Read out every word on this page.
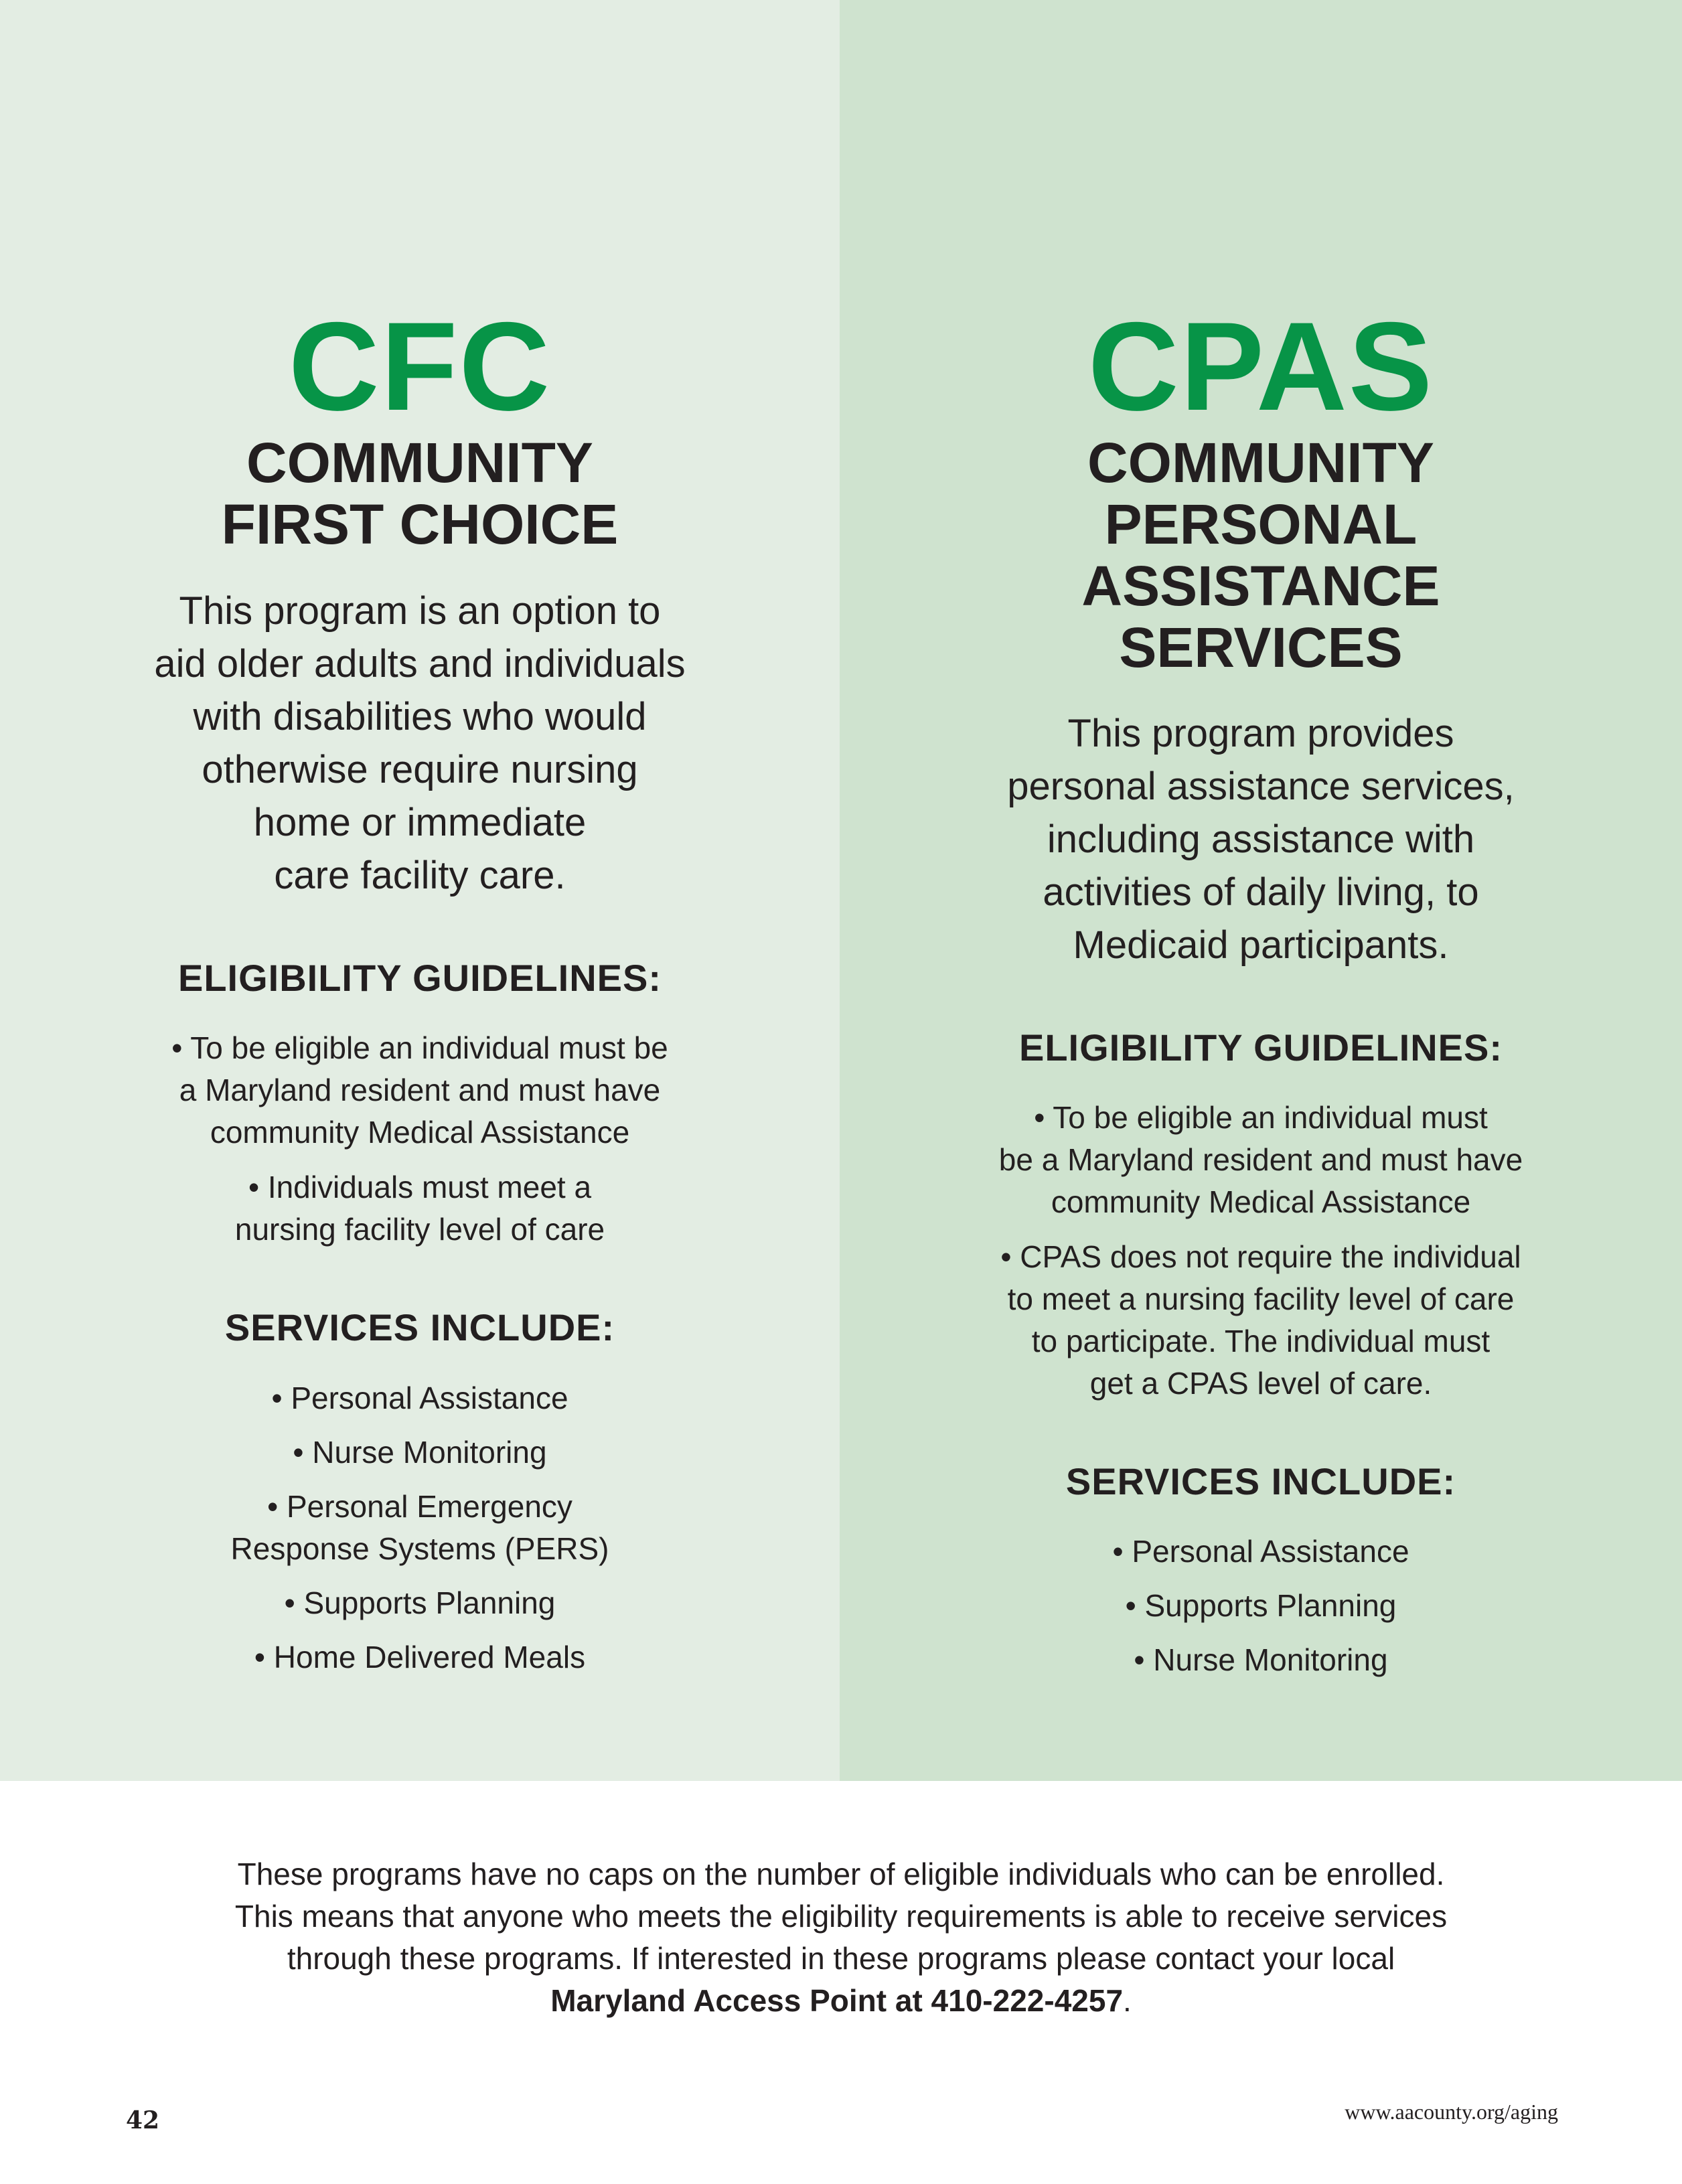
CFC
COMMUNITY
FIRST CHOICE

This program is an option to
aid older adults and individuals
with disabilities who would
otherwise require nursing
home or immediate
care facility care.

ELIGIBILITY GUIDELINES:
• To be eligible an individual must be
a Maryland resident and must have
community Medical Assistance
• Individuals must meet a
nursing facility level of care
SERVICES INCLUDE:
• Personal Assistance
• Nurse Monitoring
• Personal Emergency
Response Systems (PERS)
• Supports Planning
• Home Delivered Meals
CPAS
COMMUNITY
PERSONAL
ASSISTANCE
SERVICES

This program provides
personal assistance services,
including assistance with
activities of daily living, to
Medicaid participants.

ELIGIBILITY GUIDELINES:
• To be eligible an individual must
be a Maryland resident and must have
community Medical Assistance
• CPAS does not require the individual
to meet a nursing facility level of care
to participate. The individual must
get a CPAS level of care.
SERVICES INCLUDE:
• Personal Assistance
• Supports Planning
• Nurse Monitoring

These programs have no caps on the number of eligible individuals who can be enrolled.
This means that anyone who meets the eligibility requirements is able to receive services
through these programs. If interested in these programs please contact your local
Maryland Access Point at 410-222-4257.

42	www.aacounty.org/aging
